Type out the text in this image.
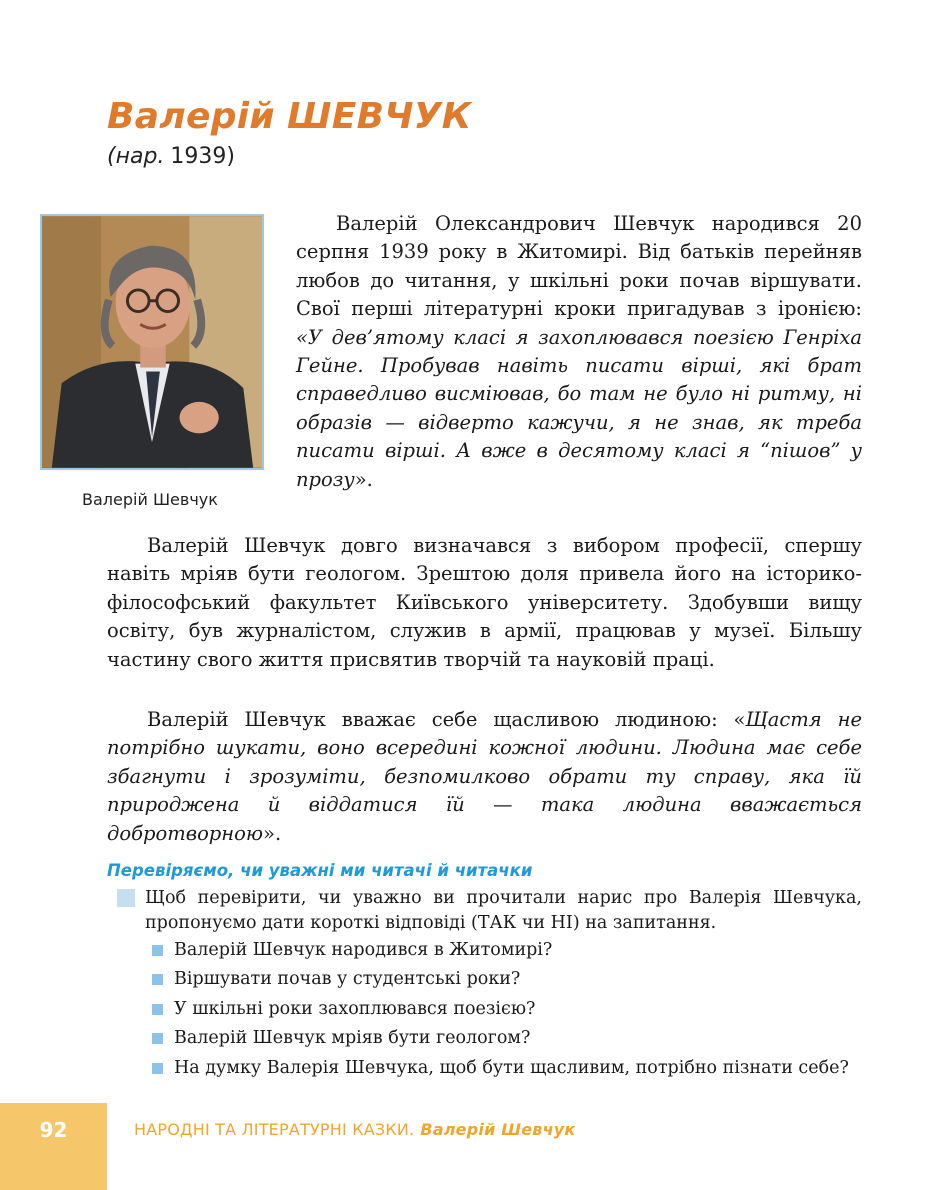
Валерій ШЕВЧУК
(нар. 1939)
Валерій Шевчук

Валерій Олександрович Шевчук народився 20 серпня 1939 року в Житомирі. Від батьків перейняв любов до читання, у шкільні роки почав віршувати. Свої перші літературні кроки пригадував з іронією: «У дев’ятому класі я захоплювався поезією Генріха Гейне. Пробував навіть писати вірші, які брат справедливо висміював, бо там не було ні ритму, ні образів — відверто кажучи, я не знав, як треба писати вірші. А вже в десятому класі я “пішов” у прозу».

Валерій Шевчук довго визначався з вибором професії, спершу навіть мріяв бути геологом. Зрештою доля привела його на історико-філософський факультет Київського університету. Здобувши вищу освіту, був журналістом, служив в армії, працював у музеї. Більшу частину свого життя присвятив творчій та науковій праці.

Валерій Шевчук вважає себе щасливою людиною: «Щастя не потрібно шукати, воно всередині кожної людини. Людина має себе збагнути і зрозуміти, безпомилково обрати ту справу, яка їй природжена й віддатися їй — така людина вважається добротворною».

Перевіряємо, чи уважні ми читачі й читачки

Щоб перевірити, чи уважно ви прочитали нарис про Валерія Шевчука, пропонуємо дати короткі відповіді (ТАК чи НІ) на запитання.

Валерій Шевчук народився в Житомирі?
Віршувати почав у студентські роки?
У шкільні роки захоплювався поезією?
Валерій Шевчук мріяв бути геологом?
На думку Валерія Шевчука, щоб бути щасливим, потрібно пізнати себе?
92	НАРОДНІ ТА ЛІТЕРАТУРНІ КАЗКИ. Валерій Шевчук
